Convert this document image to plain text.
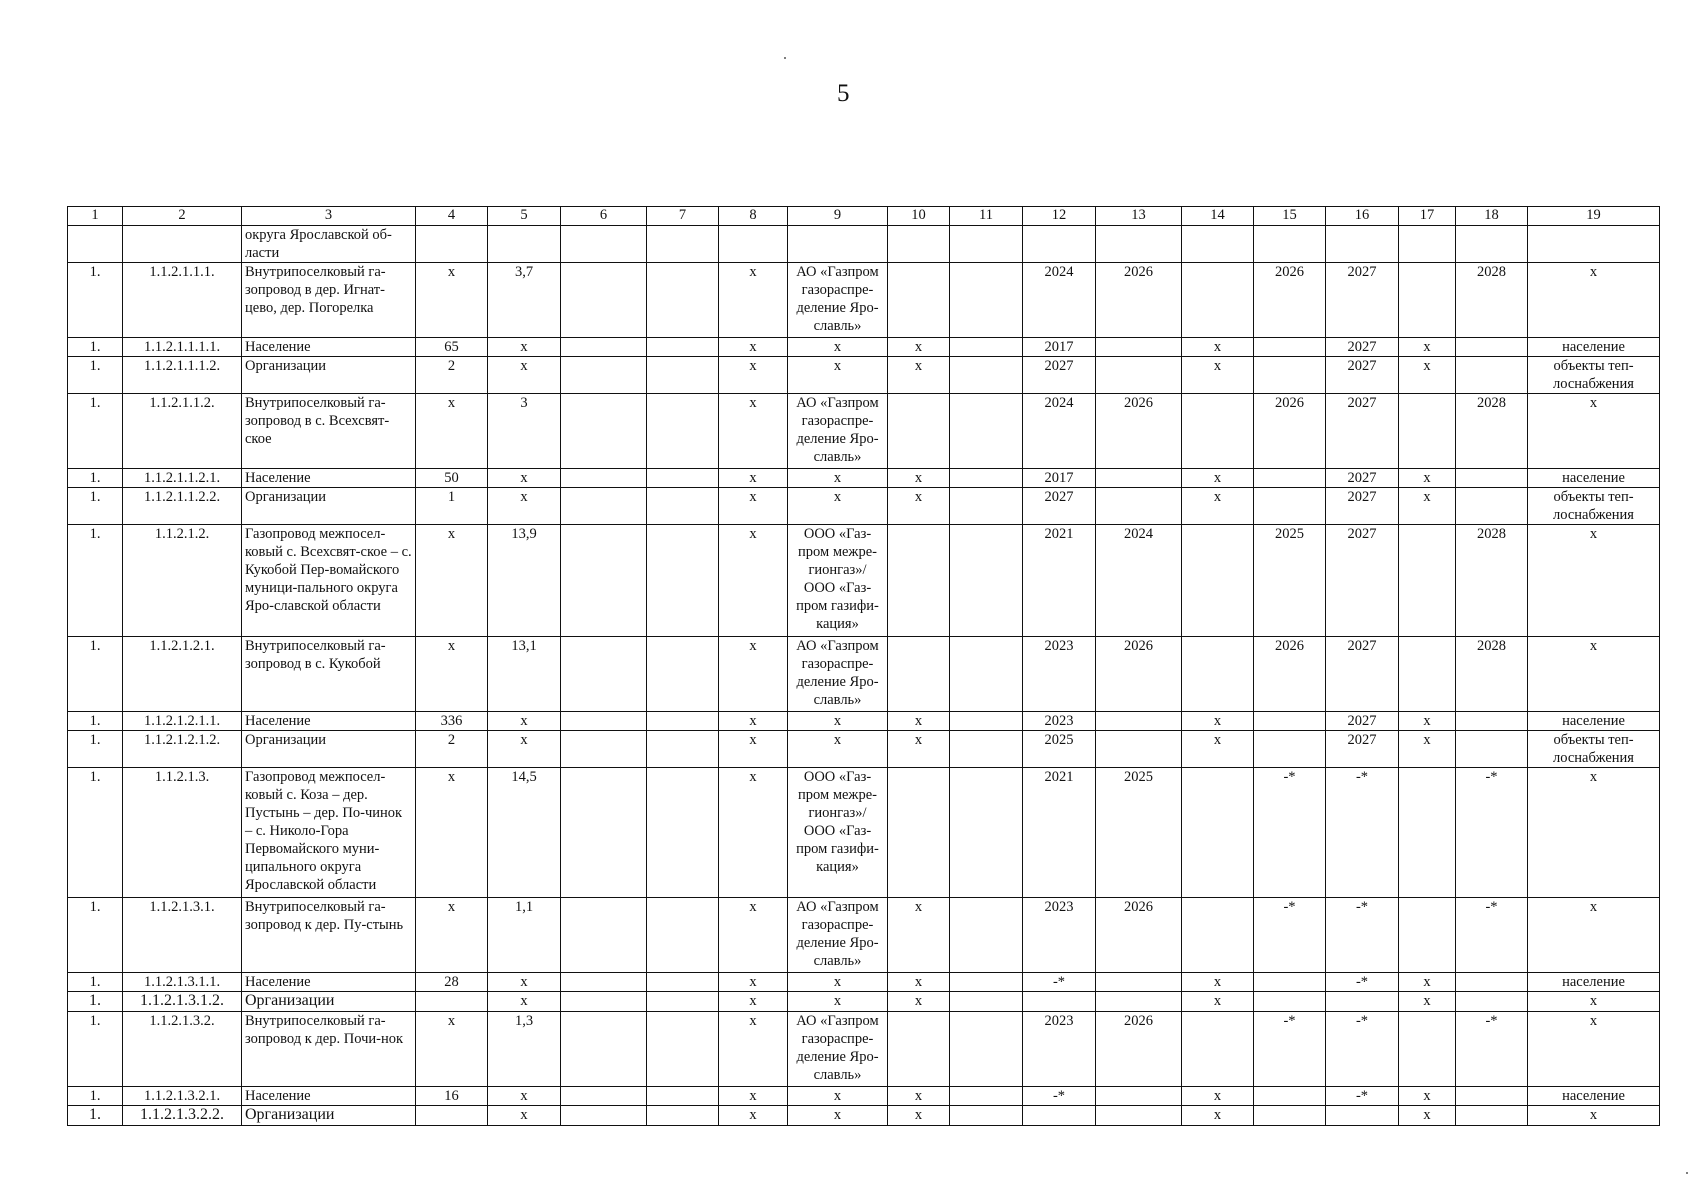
5
1	2	3	4	5	6	7	8	9	10	11	12	13	14	15	16	17	18	19
		округа Ярославской об-ласти																
1.	1.1.2.1.1.1.	Внутрипоселковый га-зопровод в дер. Игнат-цево, дер. Погорелка	х	3,7			х	АО «Газпром газораспре-деление Яро-славль»			2024	2026		2026	2027		2028	х
1.	1.1.2.1.1.1.1.	Население	65	х			х	х	х		2017		х		2027	х		население
1.	1.1.2.1.1.1.2.	Организации	2	х			х	х	х		2027		х		2027	х		объекты теп-лоснабжения
1.	1.1.2.1.1.2.	Внутрипоселковый га-зопровод в с. Всехсвят-ское	х	3			х	АО «Газпром газораспре-деление Яро-славль»			2024	2026		2026	2027		2028	х
1.	1.1.2.1.1.2.1.	Население	50	х			х	х	х		2017		х		2027	х		население
1.	1.1.2.1.1.2.2.	Организации	1	х			х	х	х		2027		х		2027	х		объекты теп-лоснабжения
1.	1.1.2.1.2.	Газопровод межпосел-ковый с. Всехсвят-ское – с. Кукобой Пер-вомайского муници-пального округа Яро-славской области	х	13,9			х	ООО «Газ-пром межре-гионгаз»/ ООО «Газ-пром газифи-кация»			2021	2024		2025	2027		2028	х
1.	1.1.2.1.2.1.	Внутрипоселковый га-зопровод в с. Кукобой	х	13,1			х	АО «Газпром газораспре-деление Яро-славль»			2023	2026		2026	2027		2028	х
1.	1.1.2.1.2.1.1.	Население	336	х			х	х	х		2023		х		2027	х		население
1.	1.1.2.1.2.1.2.	Организации	2	х			х	х	х		2025		х		2027	х		объекты теп-лоснабжения
1.	1.1.2.1.3.	Газопровод межпосел-ковый с. Коза – дер. Пустынь – дер. По-чинок – с. Николо-Гора Первомайского муни-ципального округа Ярославской области	х	14,5			х	ООО «Газ-пром межре-гионгаз»/ ООО «Газ-пром газифи-кация»			2021	2025		-*	-*		-*	х
1.	1.1.2.1.3.1.	Внутрипоселковый га-зопровод к дер. Пу-стынь	х	1,1			х	АО «Газпром газораспре-деление Яро-славль»	х		2023	2026		-*	-*		-*	х
1.	1.1.2.1.3.1.1.	Население	28	х			х	х	х		-*		х		-*	х		население
1.	1.1.2.1.3.1.2.	Организации		х			х	х	х				х			х		х
1.	1.1.2.1.3.2.	Внутрипоселковый га-зопровод к дер. Почи-нок	х	1,3			х	АО «Газпром газораспре-деление Яро-славль»			2023	2026		-*	-*		-*	х
1.	1.1.2.1.3.2.1.	Население	16	х			х	х	х		-*		х		-*	х		население
1.	1.1.2.1.3.2.2.	Организации		х			х	х	х				х			х		х
